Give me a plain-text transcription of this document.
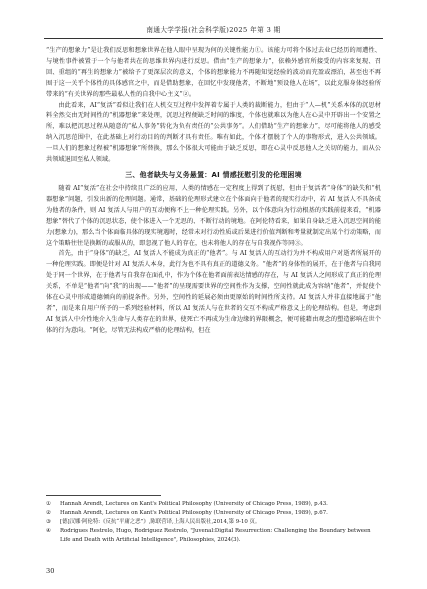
南通大学学报(社会科学版)2025 年第 3 期

“生产的想象力”是让我们反思和想象世界在他人眼中呈现为何的关键性能力①。该能力可将个体过去业已经历的周遭性、与境性事件被置于一个与他者共在的思维世界内进行反思。借由“生产的想象力”，依赖外感官所接受的内容来复现、召回、重组的“再生的想象力”被给予了更深层次的意义，个体的想象能力不再随知觉经验的波动而充盈或漂泊，甚至也不再囿于这一关乎个体性的具体感官之中，而是借助想象，在回忆中发现他者，不断地“预设他人在场”，以此克服身体经验所带来的“有关世界的那些最私人性的自我中心主义”②。

由此看来，AI“复活”看似让我们在人机交互过程中发挥着专属于人类的裁断能力，但由于“人—机”关系本体的沉思材料全然交由无时间性的“机器想象”来处理，沉思过程便缺乏时间的维度，个体也就难以为他人在心灵中开辟出一个安置之所，难以把沉思过程从随意的“私人事务”转化为负有责任的“公共事务”。人们借助“生产的想象力”，尽可能将他人的感受纳入沉思范围中，在此基础上对行动目的的判断才具有责任。唯有如此，个体才摆脱了个人的事物形式，进入公共领域。一旦人们的想象过程被“机器想象”所替换，那么个体很大可能由于缺乏反思，即在心灵中反思他人之关切的能力，而从公共领域退回至私人领域。

三、他者缺失与义务悬置：AI 情感抚慰引发的伦理困境

随着 AI“复活”在社会中持续且广泛的应用，人类的情感在一定程度上得到了抚慰，但由于复活者“身体”的缺失和“机器想象”问题，引发出新的伦理问题。通常，基础的伦理形式建立在个体面向于他者的现实行动中，若 AI 复活人不具备成为他者的条件，则 AI 复活人与用户的互动便称不上一种伦理实践。另外，以个体意向为行动根基的实践前提来看，“机器想象”替代了个体的沉思状态，使个体进入一个无思的、不断行动的境地。在阿伦特看来，如果自身缺乏进入沉思空间的能力(想象力)，那么当个体面临具体的现实境遇时，经常未对行动性质或后果进行价值判断和考量就制定出某个行动策略，而这个策略往往是换断的或服从的，即忽视了他人的存在，也未将他人的存在与自我视作等同③。

首先，由于“身体”的缺乏，AI 复活人不能成为真正的“他者”。与 AI 复活人的互动行为并不构成用户对逝者所展开的一种伦理实践。即便是针对 AI 复活人本身，此行为也不具有真正的道德义务。“他者”的身体性的展开，在于他者与自我同处于同一个世界，在于他者与自我存在面孔中，作为个体在他者面前表达情感的存在，与 AI 复活人之间形成了真正的伦理关系，不单是“他者”向“我”的出现——“他者”的呈现需要世界的空间性作为支撑，空间性就此成为容纳“他者”，并促使个体在心灵中形成道德倾向的前提条件。另外，空间性的延展必须由更原始的时间性所支持。AI 复活人并非直接地属于“他者”，而是来自用户所予的一系列经验材料，所以 AI 复活人与在世者的交互不构成严格意义上的伦理结构。但是，考虑到 AI 复活人中介性地介入生命与人类存在的世界，使死亡不再成为生命边缘的界限概念，便可能藉由观念的塑造影响在世个体的行为意向。“阿伦，尽管无法构成严格的伦理结构，但在

① Hannah Arendt, Lectures on Kant's Political Philosophy (University of Chicago Press, 1989), p.43.

② Hannah Arendt, Lectures on Kant's Political Philosophy (University of Chicago Press, 1989), p.67.

③ [德]汉娜·阿伦特:《反抗“平庸之恶”》,陈联营译,上海人民出版社,2014,第 9-10 页。

④ Rodrigues Restrelo, Hugo, Rodriguez Restrelo, "Juvenal:Digital Resurrection: Challenging the Boundary between Life and Death with Artificial Intelligence", Philosophies, 2024(3).

30
